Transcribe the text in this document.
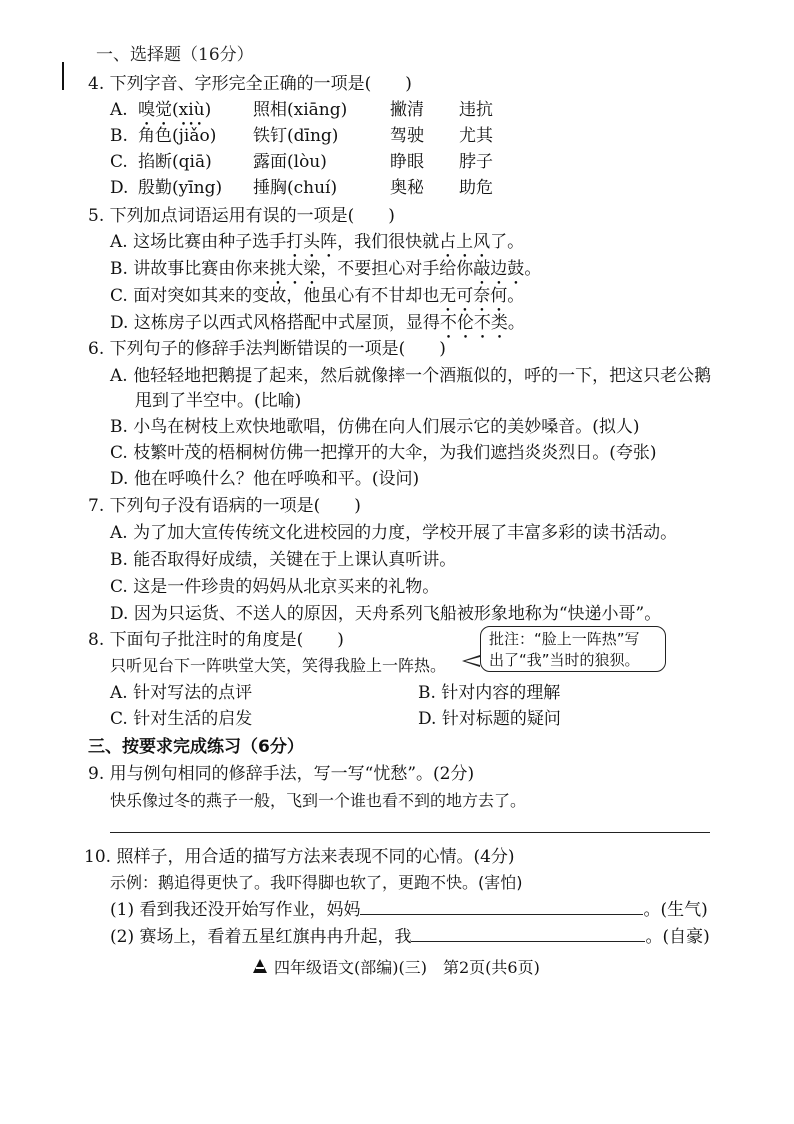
一、选择题（16分）
4. 下列字音、字形完全正确的一项是(　　)
A. 嗅觉(xiù) 照相(xiāng)	撇清 违抗
B. 角色(jiǎo) 铁钉(dīng)	驾驶 尤其
C. 掐断(qiā) 露面(lòu)	睁眼 脖子
D. 殷勤(yīng) 捶胸(chuí)	奥秘 助危
5. 下列加点词语运用有误的一项是(　　)
A. 这场比赛由种子选手打头阵，我们很快就占上风了。
B. 讲故事比赛由你来挑大梁，不要担心对手给你敲边鼓。
C. 面对突如其来的变故，他虽心有不甘却也无可奈何。
D. 这栋房子以西式风格搭配中式屋顶，显得不伦不类。
6. 下列句子的修辞手法判断错误的一项是(　　)
A. 他轻轻地把鹅提了起来，然后就像摔一个酒瓶似的，呼的一下，把这只老公鹅
甩到了半空中。(比喻)
B. 小鸟在树枝上欢快地歌唱，仿佛在向人们展示它的美妙嗓音。(拟人)
C. 枝繁叶茂的梧桐树仿佛一把撑开的大伞，为我们遮挡炎炎烈日。(夸张)
D. 他在呼唤什么？他在呼唤和平。(设问)
7. 下列句子没有语病的一项是(　　)
A. 为了加大宣传传统文化进校园的力度，学校开展了丰富多彩的读书活动。
B. 能否取得好成绩，关键在于上课认真听讲。
C. 这是一件珍贵的妈妈从北京买来的礼物。
D. 因为只运货、不送人的原因，天舟系列飞船被形象地称为“快递小哥”。
8. 下面句子批注时的角度是(　　)
只听见台下一阵哄堂大笑，笑得我脸上一阵热。
批注：“脸上一阵热”写
出了“我”当时的狼狈。
A. 针对写法的点评	B. 针对内容的理解
C. 针对生活的启发	D. 针对标题的疑问
三、按要求完成练习（6分）
9. 用与例句相同的修辞手法，写一写“忧愁”。(2分)
快乐像过冬的燕子一般，飞到一个谁也看不到的地方去了。
10. 照样子，用合适的描写方法来表现不同的心情。(4分)
示例：鹅追得更快了。我吓得脚也软了，更跑不快。(害怕)
(1) 看到我还没开始写作业，妈妈	。(生气)
(2) 赛场上，看着五星红旗冉冉升起，我	。(自豪)
四年级语文(部编)(三)　第2页(共6页)
